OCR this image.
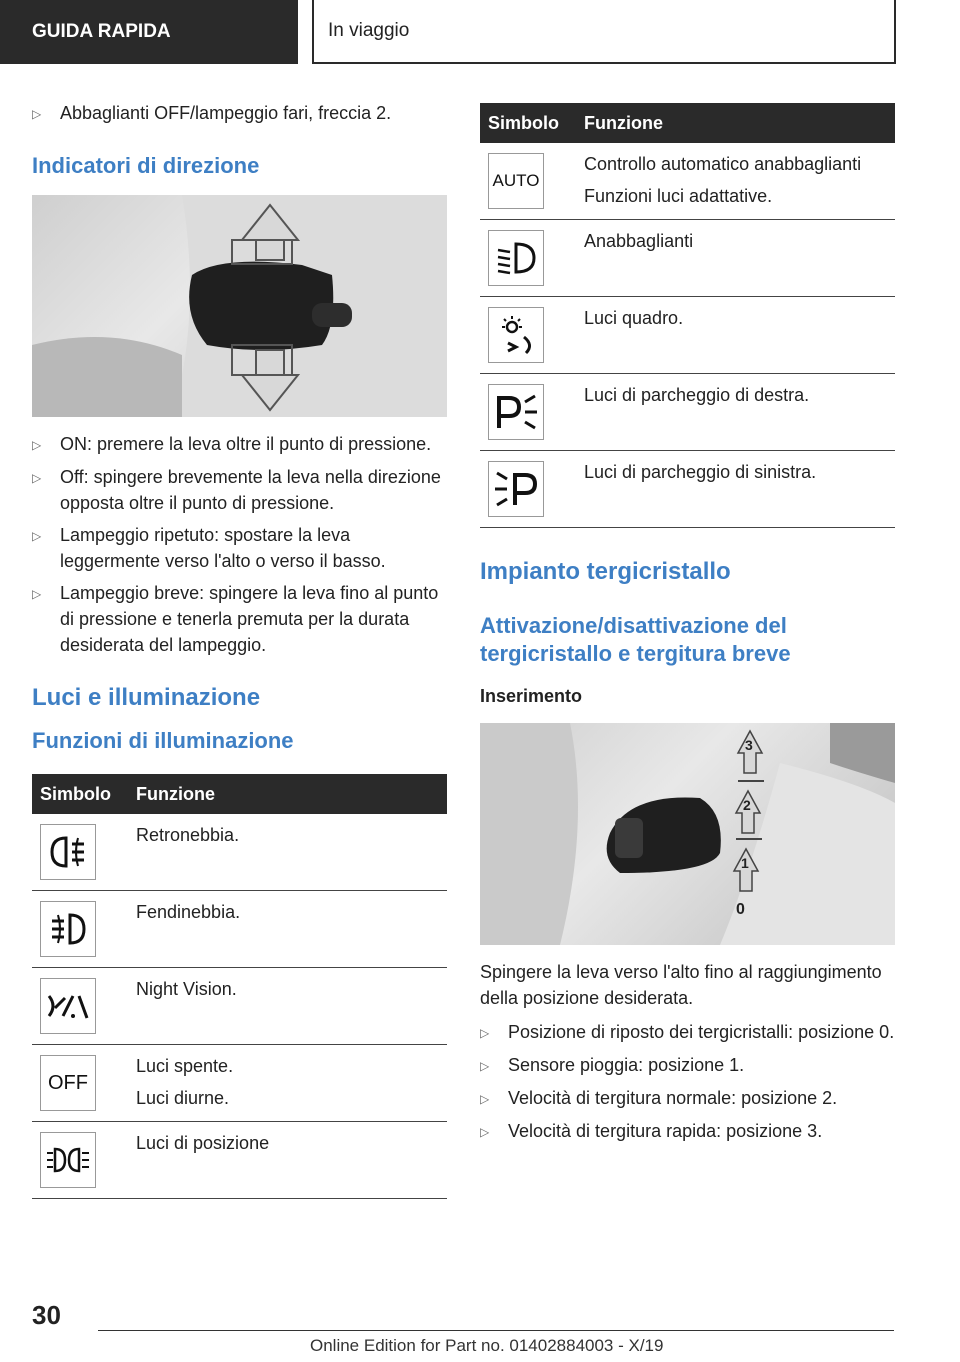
GUIDA RAPIDA	In viaggio
▷	Abbaglianti OFF/lampeggio fari, freccia 2.
Indicatori di direzione
▷	ON: premere la leva oltre il punto di pressione.
▷	Off: spingere brevemente la leva nella direzione opposta oltre il punto di pressione.
▷	Lampeggio ripetuto: spostare la leva leggermente verso l'alto o verso il basso.
▷	Lampeggio breve: spingere la leva fino al punto di pressione e tenerla premuta per la durata desiderata del lampeggio.
Luci e illuminazione
Funzioni di illuminazione
Simbolo	Funzione

Retronebbia.

Fendinebbia.

Night Vision.

OFF	Luci spente.
Luci diurne.

Luci di posizione
Simbolo	Funzione

AUTO	Controllo automatico anabbaglianti
Funzioni luci adattative.

Anabbaglianti

Luci quadro.

Luci di parcheggio di destra.

Luci di parcheggio di sinistra.
Impianto tergicristallo
Attivazione/disattivazione del tergicristallo e tergitura breve
Inserimento
3
2
1
0
Spingere la leva verso l'alto fino al raggiungimento della posizione desiderata.
▷	Posizione di riposto dei tergicristalli: posizione 0.
▷	Sensore pioggia: posizione 1.
▷	Velocità di tergitura normale: posizione 2.
▷	Velocità di tergitura rapida: posizione 3.
30
Online Edition for Part no. 01402884003 - X/19
